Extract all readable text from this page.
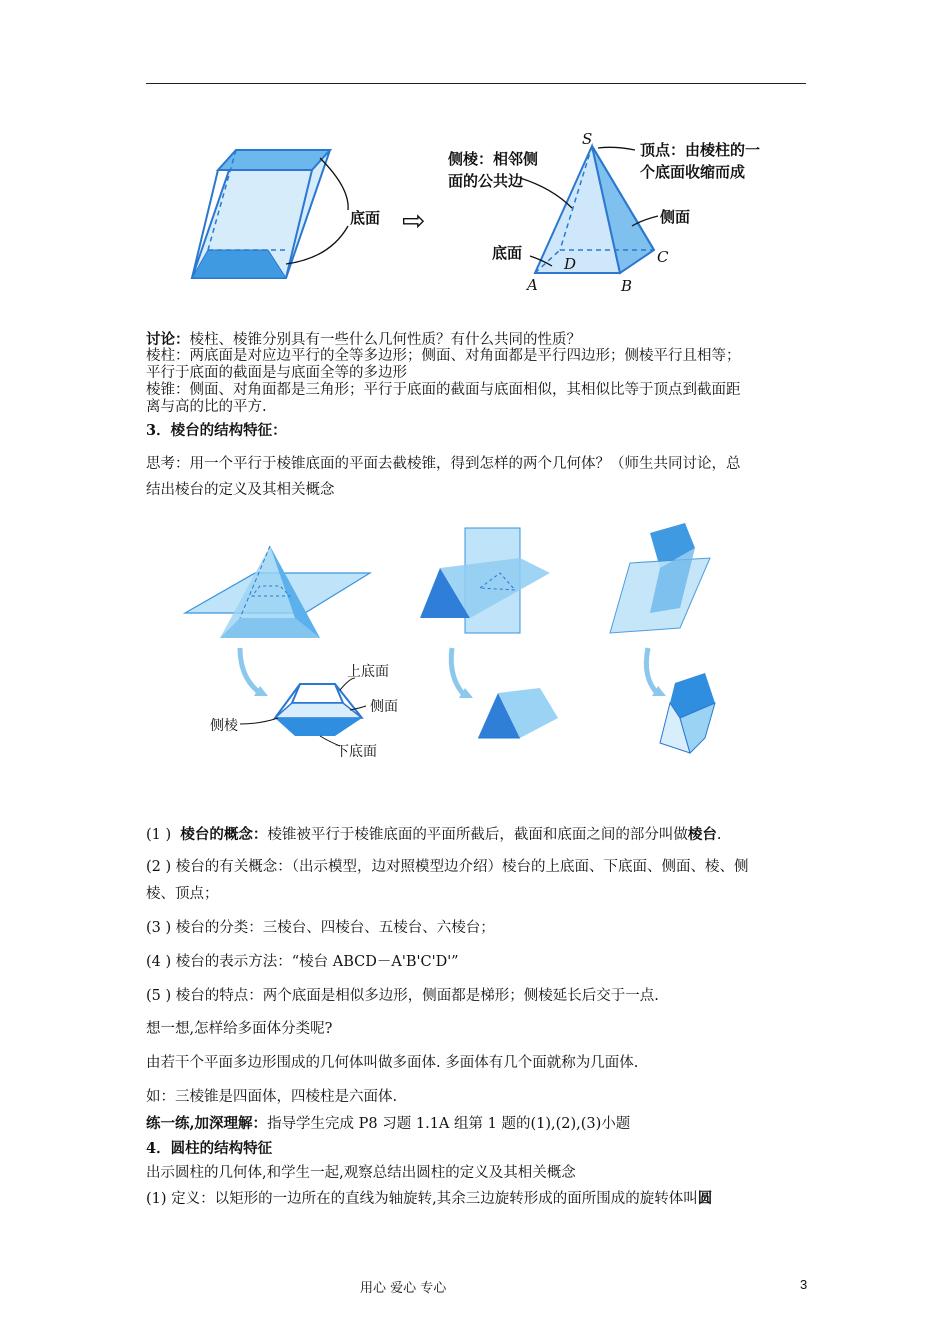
底面 ⇨
侧棱：相邻侧
面的公共边
顶点：由棱柱的一
个底面收缩而成
侧面
底面
S
A	B
C
D
讨论：棱柱、棱锥分别具有一些什么几何性质？有什么共同的性质？
棱柱：两底面是对应边平行的全等多边形；侧面、对角面都是平行四边形；侧棱平行且相等；
平行于底面的截面是与底面全等的多边形
棱锥：侧面、对角面都是三角形；平行于底面的截面与底面相似，其相似比等于顶点到截面距
离与高的比的平方.
3．棱台的结构特征：
思考：用一个平行于棱锥底面的平面去截棱锥，得到怎样的两个几何体？（师生共同讨论，总
结出棱台的定义及其相关概念
上底面
侧面
侧棱
下底面
(1 ) 棱台的概念：棱锥被平行于棱锥底面的平面所截后，截面和底面之间的部分叫做棱台.
(2 ) 棱台的有关概念：（出示模型，边对照模型边介绍）棱台的上底面、下底面、侧面、棱、侧
棱、顶点；
(3 ) 棱台的分类：三棱台、四棱台、五棱台、六棱台；
(4 ) 棱台的表示方法：“棱台 ABCD－A'B'C'D'”
(5 ) 棱台的特点：两个底面是相似多边形，侧面都是梯形；侧棱延长后交于一点.
想一想,怎样给多面体分类呢?
由若干个平面多边形围成的几何体叫做多面体. 多面体有几个面就称为几面体.
如：三棱锥是四面体，四棱柱是六面体.
练一练,加深理解：指导学生完成 P8 习题 1.1A 组第 1 题的(1),(2),(3)小题
4．圆柱的结构特征
出示圆柱的几何体,和学生一起,观察总结出圆柱的定义及其相关概念
(1) 定义：以矩形的一边所在的直线为轴旋转,其余三边旋转形成的面所围成的旋转体叫圆
用心 爱心 专心	3
